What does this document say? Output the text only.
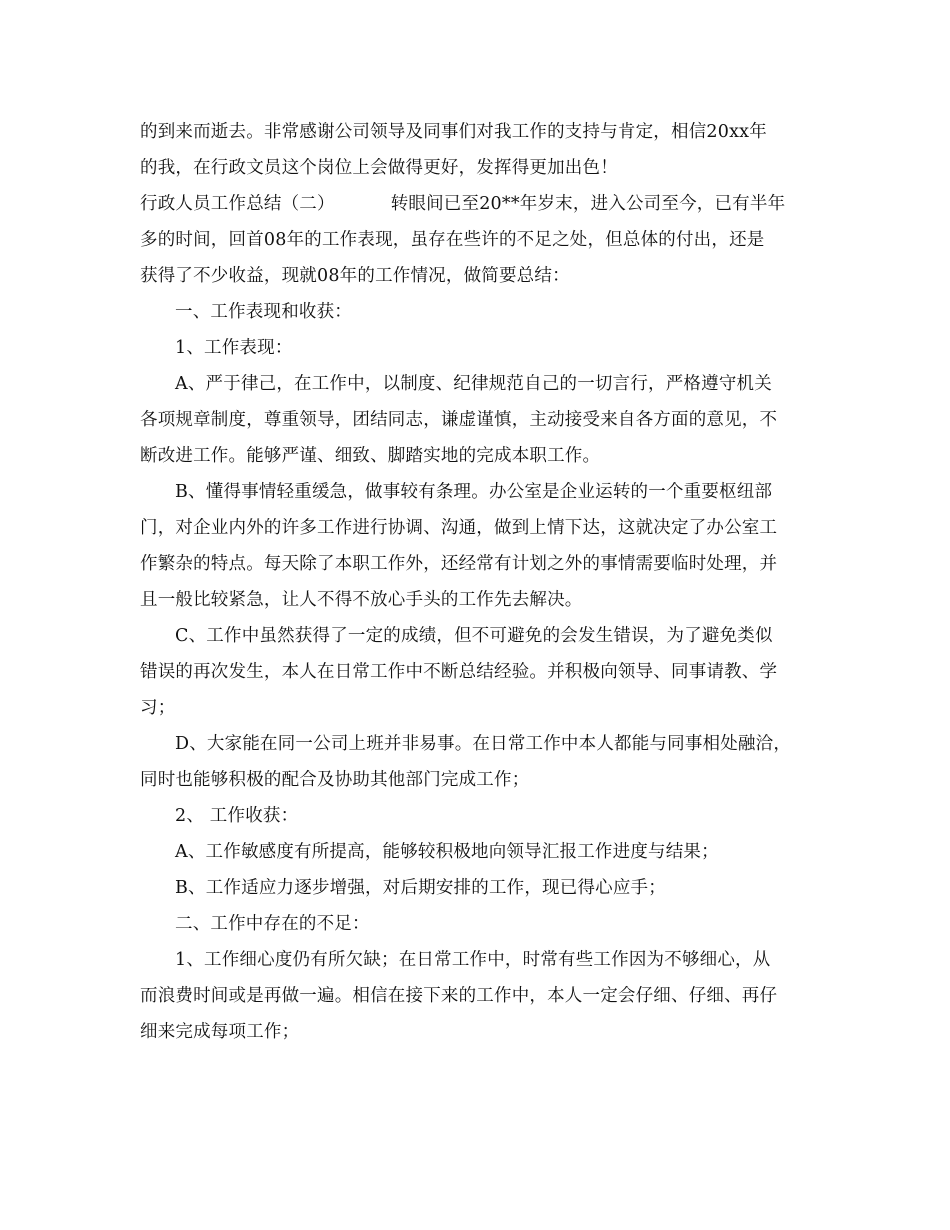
的到来而逝去。非常感谢公司领导及同事们对我工作的支持与肯定，相信20xx年
的我，在行政文员这个岗位上会做得更好，发挥得更加出色！
行政人员工作总结（二）	转眼间已至20**年岁末，进入公司至今，已有半年
多的时间，回首08年的工作表现，虽存在些许的不足之处，但总体的付出，还是
获得了不少收益，现就08年的工作情况，做简要总结：
一、工作表现和收获：
1、工作表现：
A、严于律己，在工作中，以制度、纪律规范自己的一切言行，严格遵守机关
各项规章制度，尊重领导，团结同志，谦虚谨慎，主动接受来自各方面的意见，不
断改进工作。能够严谨、细致、脚踏实地的完成本职工作。
B、懂得事情轻重缓急，做事较有条理。办公室是企业运转的一个重要枢纽部
门，对企业内外的许多工作进行协调、沟通，做到上情下达，这就决定了办公室工
作繁杂的特点。每天除了本职工作外，还经常有计划之外的事情需要临时处理，并
且一般比较紧急，让人不得不放心手头的工作先去解决。
C、工作中虽然获得了一定的成绩，但不可避免的会发生错误，为了避免类似
错误的再次发生，本人在日常工作中不断总结经验。并积极向领导、同事请教、学
习；
D、大家能在同一公司上班并非易事。在日常工作中本人都能与同事相处融洽，
同时也能够积极的配合及协助其他部门完成工作；
2、 工作收获：
A、工作敏感度有所提高，能够较积极地向领导汇报工作进度与结果；
B、工作适应力逐步增强，对后期安排的工作，现已得心应手；
二、工作中存在的不足：
1、工作细心度仍有所欠缺；在日常工作中，时常有些工作因为不够细心，从
而浪费时间或是再做一遍。相信在接下来的工作中，本人一定会仔细、仔细、再仔
细来完成每项工作；
